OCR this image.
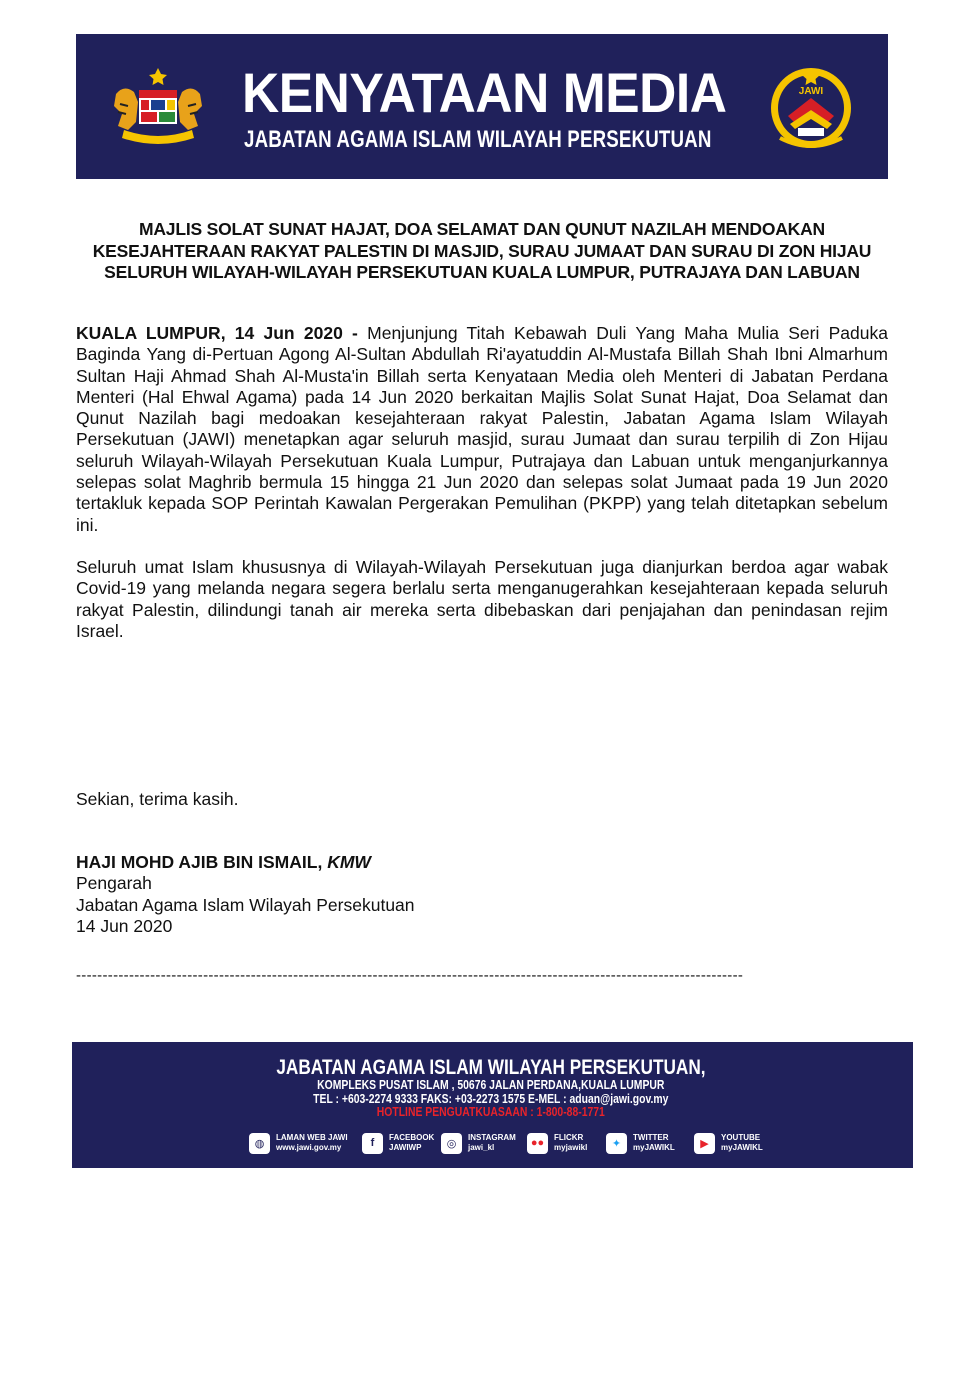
KENYATAAN MEDIA
JABATAN AGAMA ISLAM WILAYAH PERSEKUTUAN
JAWI
MAJLIS SOLAT SUNAT HAJAT, DOA SELAMAT DAN QUNUT NAZILAH MENDOAKAN
KESEJAHTERAAN RAKYAT PALESTIN DI MASJID, SURAU JUMAAT DAN SURAU DI ZON HIJAU
SELURUH WILAYAH-WILAYAH PERSEKUTUAN KUALA LUMPUR, PUTRAJAYA DAN LABUAN
KUALA LUMPUR, 14 Jun 2020 - Menjunjung Titah Kebawah Duli Yang Maha Mulia Seri Paduka Baginda Yang di-Pertuan Agong Al-Sultan Abdullah Ri'ayatuddin Al-Mustafa Billah Shah Ibni Almarhum Sultan Haji Ahmad Shah Al-Musta'in Billah serta Kenyataan Media oleh Menteri di Jabatan Perdana Menteri (Hal Ehwal Agama) pada 14 Jun 2020 berkaitan Majlis Solat Sunat Hajat, Doa Selamat dan Qunut Nazilah bagi medoakan kesejahteraan rakyat Palestin, Jabatan Agama Islam Wilayah Persekutuan (JAWI) menetapkan agar seluruh masjid, surau Jumaat dan surau terpilih di Zon Hijau seluruh Wilayah-Wilayah Persekutuan Kuala Lumpur, Putrajaya dan Labuan untuk menganjurkannya selepas solat Maghrib bermula 15 hingga 21 Jun 2020 dan selepas solat Jumaat pada 19 Jun 2020 tertakluk kepada SOP Perintah Kawalan Pergerakan Pemulihan (PKPP) yang telah ditetapkan sebelum ini.
Seluruh umat Islam khususnya di Wilayah-Wilayah Persekutuan juga dianjurkan berdoa agar wabak Covid-19 yang melanda negara segera berlalu serta menganugerahkan kesejahteraan kepada seluruh rakyat Palestin, dilindungi tanah air mereka serta dibebaskan dari penjajahan dan penindasan rejim Israel.
Sekian, terima kasih.
HAJI MOHD AJIB BIN ISMAIL, KMW
Pengarah
Jabatan Agama Islam Wilayah Persekutuan
14 Jun 2020
------------------------------------------------------------------------------------------------------------------------------
JABATAN AGAMA ISLAM WILAYAH PERSEKUTUAN,
KOMPLEKS PUSAT ISLAM , 50676 JALAN PERDANA,KUALA LUMPUR
TEL : +603-2274 9333 FAKS: +03-2273 1575 E-MEL : aduan@jawi.gov.my
HOTLINE PENGUATKUASAAN : 1-800-88-1771
◍	LAMAN WEB JAWI
www.jawi.gov.my	f	FACEBOOK
JAWIWP	◎	INSTAGRAM
jawi_kl	●●	FLICKR
myjawikl	✦	TWITTER
myJAWIKL	▶	YOUTUBE
myJAWIKL
